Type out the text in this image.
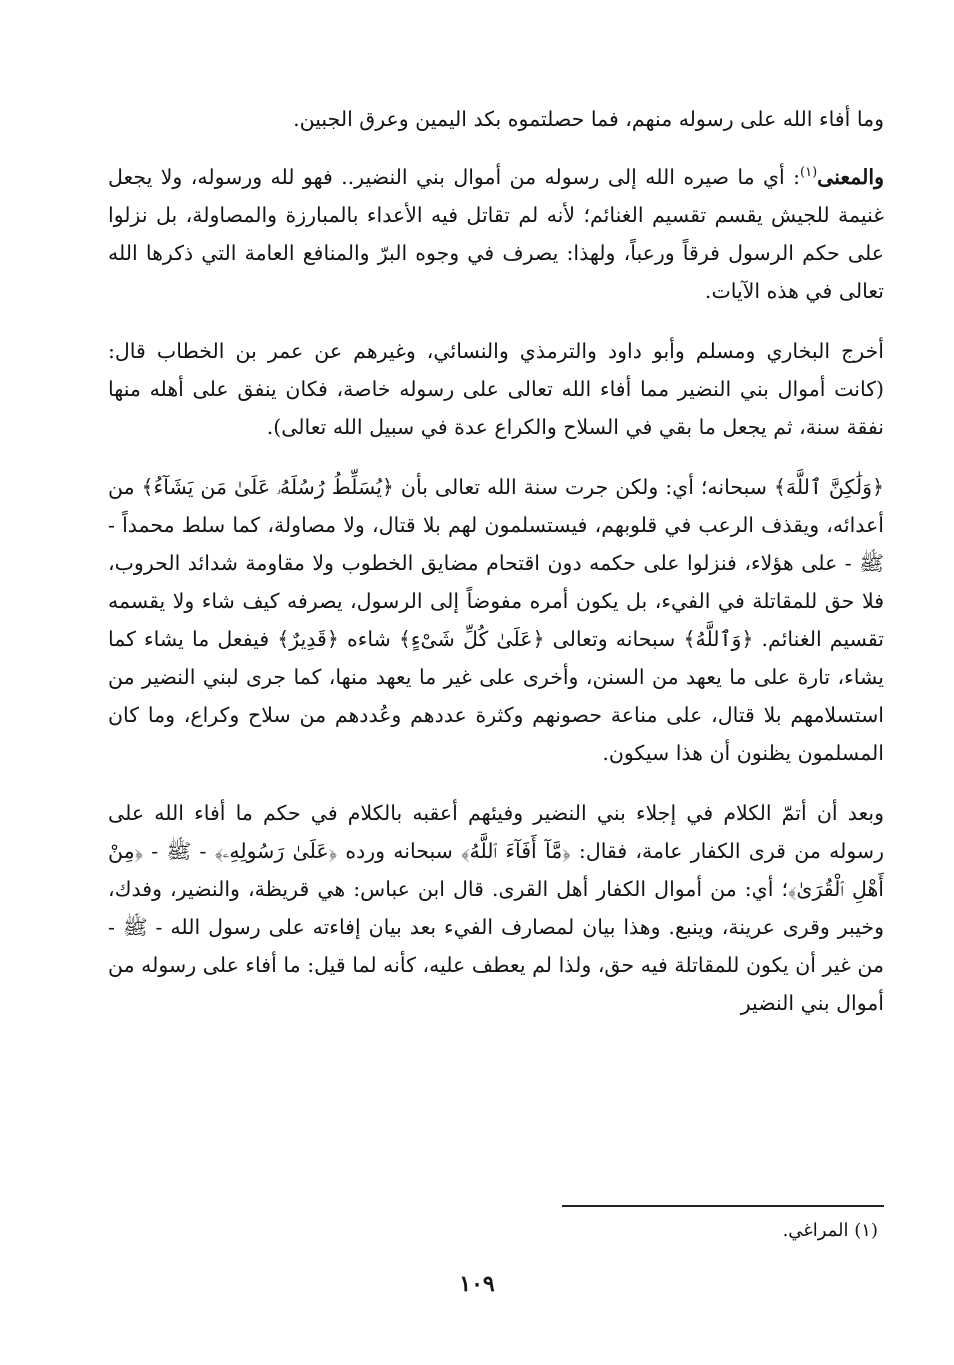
وما أفاء الله على رسوله منهم، فما حصلتموه بكد اليمين وعرق الجبين.

والمعنى$^{(١)}$: أي ما صيره الله إلى رسوله من أموال بني النضير.. فهو لله ورسوله، ولا يجعل غنيمة للجيش يقسم تقسيم الغنائم؛ لأنه لم تقاتل فيه الأعداء بالمبارزة والمصاولة، بل نزلوا على حكم الرسول فرقاً ورعباً، ولهذا: يصرف في وجوه البرّ والمنافع العامة التي ذكرها الله تعالى في هذه الآيات.

أخرج البخاري ومسلم وأبو داود والترمذي والنسائي، وغيرهم عن عمر بن الخطاب قال: (كانت أموال بني النضير مما أفاء الله تعالى على رسوله خاصة، فكان ينفق على أهله منها نفقة سنة، ثم يجعل ما بقي في السلاح والكراع عدة في سبيل الله تعالى).

﴿وَلَٰكِنَّ ٱللَّهَ﴾ سبحانه؛ أي: ولكن جرت سنة الله تعالى بأن ﴿يُسَلِّطُ رُسُلَهُۥ عَلَىٰ مَن يَشَآءُ﴾ من أعدائه، ويقذف الرعب في قلوبهم، فيستسلمون لهم بلا قتال، ولا مصاولة، كما سلط محمداً - ﷺ - على هؤلاء، فنزلوا على حكمه دون اقتحام مضايق الخطوب ولا مقاومة شدائد الحروب، فلا حق للمقاتلة في الفيء، بل يكون أمره مفوضاً إلى الرسول، يصرفه كيف شاء ولا يقسمه تقسيم الغنائم. ﴿وَٱللَّهُ﴾ سبحانه وتعالى ﴿عَلَىٰ كُلِّ شَىْءٍ﴾ شاءه ﴿قَدِيرٌ﴾ فيفعل ما يشاء كما يشاء، تارة على ما يعهد من السنن، وأخرى على غير ما يعهد منها، كما جرى لبني النضير من استسلامهم بلا قتال، على مناعة حصونهم وكثرة عددهم وعُددهم من سلاح وكراع، وما كان المسلمون يظنون أن هذا سيكون.

وبعد أن أتمّ الكلام في إجلاء بني النضير وفيئهم أعقبه بالكلام في حكم ما أفاء الله على رسوله من قرى الكفار عامة، فقال: ﴿مَّآ أَفَآءَ ٱللَّهُ﴾ سبحانه ورده ﴿عَلَىٰ رَسُولِهِۦ﴾ - ﷺ - ﴿مِنْ أَهْلِ ٱلْقُرَىٰ﴾؛ أي: من أموال الكفار أهل القرى. قال ابن عباس: هي قريظة، والنضير، وفدك، وخيبر وقرى عرينة، وينبع. وهذا بيان لمصارف الفيء بعد بيان إفاءته على رسول الله - ﷺ - من غير أن يكون للمقاتلة فيه حق، ولذا لم يعطف عليه، كأنه لما قيل: ما أفاء على رسوله من أموال بني النضير

(١) المراغي.
١٠٩
